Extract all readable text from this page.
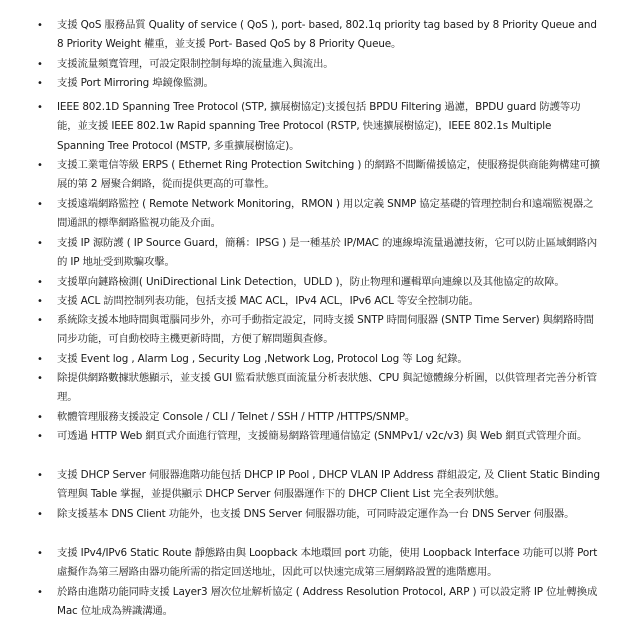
• 支援 QoS 服務品質 Quality of service ( QoS ), port- based, 802.1q priority tag based by 8 Priority Queue and 8 Priority Weight 權重，並支援 Port- Based QoS by 8 Priority Queue。
• 支援流量頻寬管理，可設定限制控制每埠的流量進入與流出。
• 支援 Port Mirroring 埠鏡像監測。
• IEEE 802.1D Spanning Tree Protocol (STP, 擴展樹協定)支援包括 BPDU Filtering 過濾，BPDU guard 防護等功能，並支援 IEEE 802.1w Rapid spanning Tree Protocol (RSTP, 快速擴展樹協定)，IEEE 802.1s Multiple Spanning Tree Protocol (MSTP, 多重擴展樹協定)。
• 支援工業電信等級 ERPS ( Ethernet Ring Protection Switching ) 的網路不間斷備援協定，使服務提供商能夠構建可擴展的第 2 層聚合網路，從而提供更高的可靠性。
• 支援遠端網路監控 ( Remote Network Monitoring，RMON ) 用以定義 SNMP 協定基礎的管理控制台和遠端監視器之間通訊的標準網路監視功能及介面。
• 支援 IP 源防護 ( IP Source Guard，簡稱：IPSG ) 是一種基於 IP/MAC 的連線埠流量過濾技術，它可以防止區域網路內的 IP 地址受到欺騙攻擊。
• 支援單向鏈路檢測( UniDirectional Link Detection，UDLD )，防止物理和邏輯單向連線以及其他協定的故障。
• 支援 ACL 訪問控制列表功能，包括支援 MAC ACL，IPv4 ACL，IPv6 ACL 等安全控制功能。
• 系統除支援本地時間與電腦同步外，亦可手動指定設定，同時支援 SNTP 時間伺服器 (SNTP Time Server) 與網路時間同步功能，可自動校時主機更新時間，方便了解問題與查修。
• 支援 Event log , Alarm Log , Security Log ,Network Log, Protocol Log 等 Log 紀錄。
• 除提供網路數據狀態顯示，並支援 GUI 監看狀態頁面流量分析表狀態、CPU 與記憶體線分析圖，以供管理者完善分析管理。
• 軟體管理服務支援設定 Console / CLI / Telnet / SSH / HTTP /HTTPS/SNMP。
• 可透過 HTTP Web 網頁式介面進行管理，支援簡易網路管理通信協定 (SNMPv1/ v2c/v3) 與 Web 網頁式管理介面。
• 支援 DHCP Server 伺服器進階功能包括 DHCP IP Pool , DHCP VLAN IP Address 群組設定, 及 Client Static Binding 管理與 Table 掌握，並提供顯示 DHCP Server 伺服器運作下的 DHCP Client List 完全表列狀態。
• 除支援基本 DNS Client 功能外，也支援 DNS Server 伺服器功能，可同時設定運作為一台 DNS Server 伺服器。
• 支援 IPv4/IPv6 Static Route 靜態路由與 Loopback 本地環回 port 功能，使用 Loopback Interface 功能可以將 Port 虛擬作為第三層路由器功能所需的指定回送地址，因此可以快速完成第三層網路設置的進階應用。
• 於路由進階功能同時支援 Layer3 層次位址解析協定 ( Address Resolution Protocol, ARP ) 可以設定將 IP 位址轉換成 Mac 位址成為辨識溝通。
